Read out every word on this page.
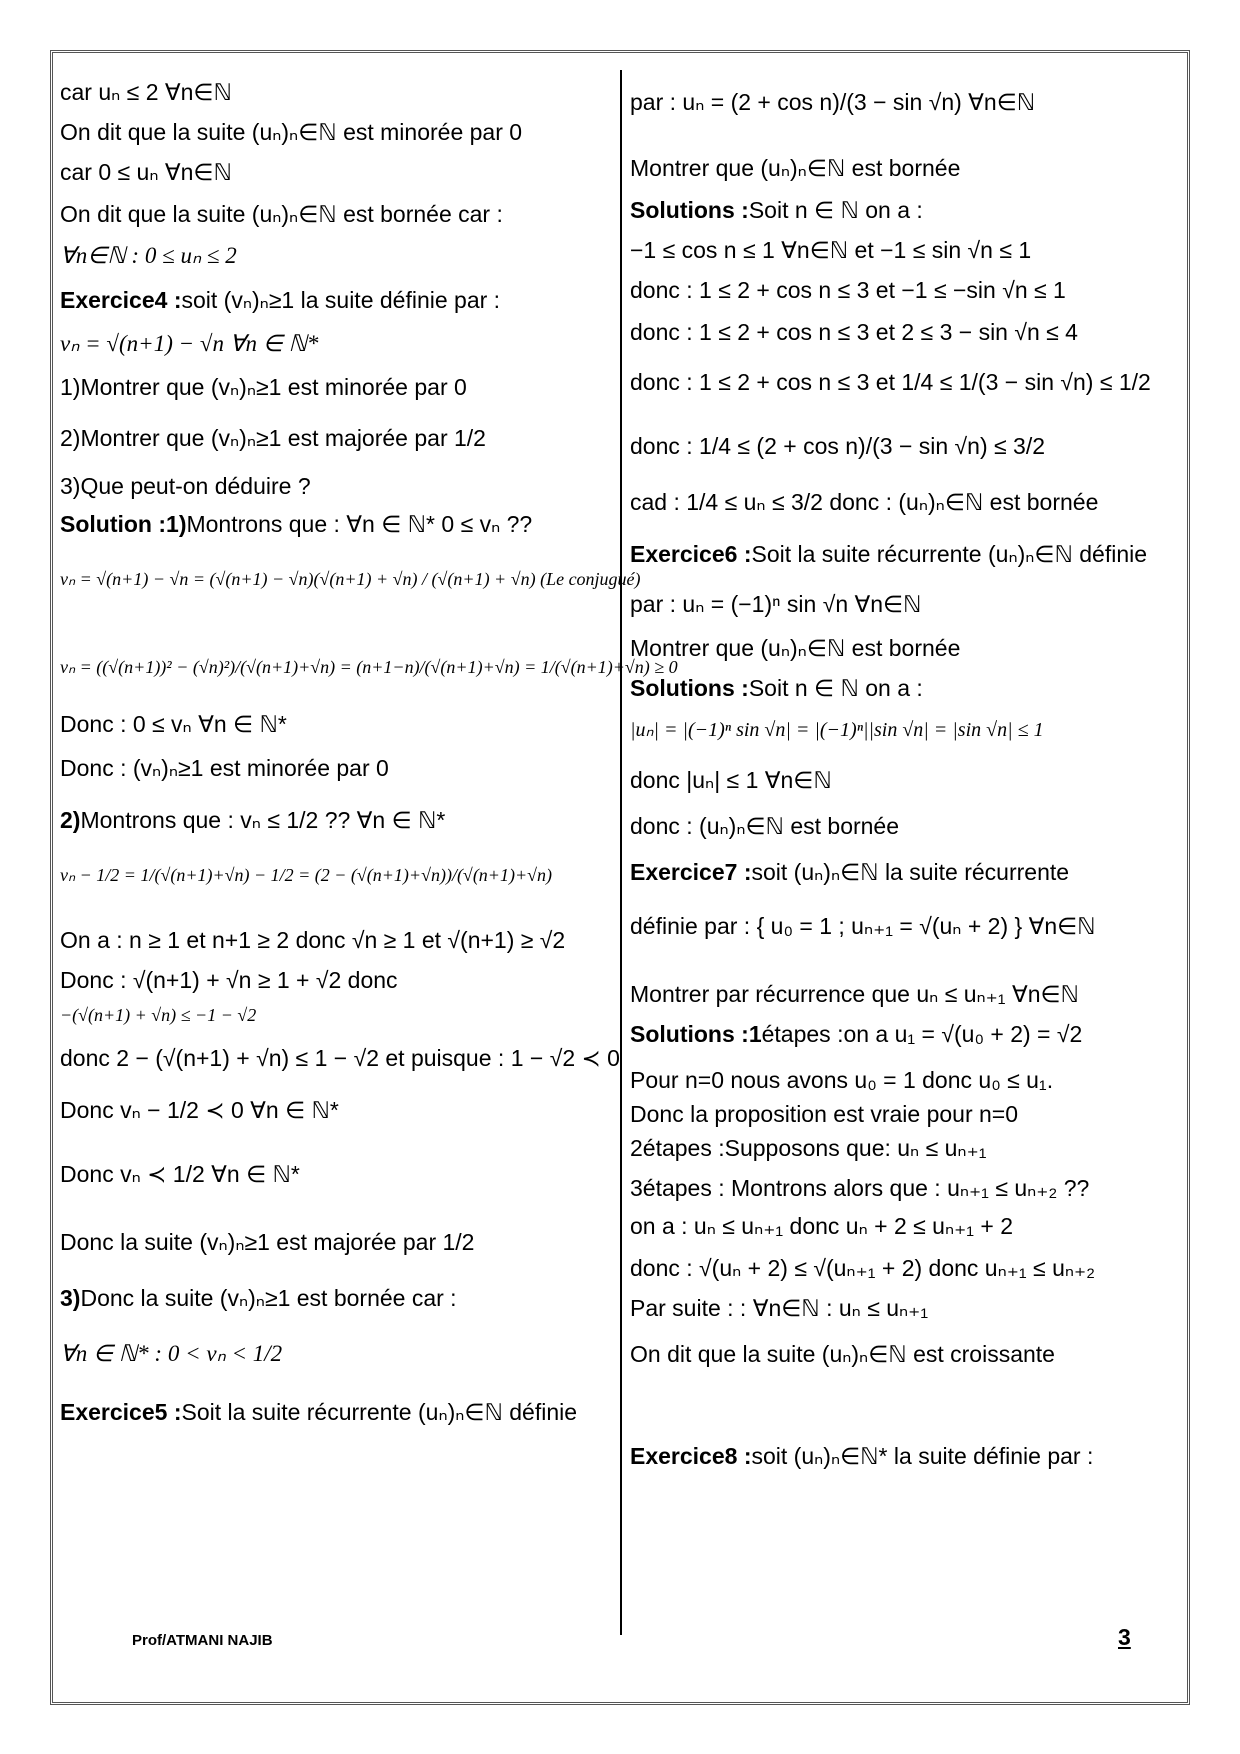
car uₙ ≤ 2 ∀n∈ℕ
On dit que la suite (uₙ)ₙ∈ℕ est minorée par 0
car 0 ≤ uₙ ∀n∈ℕ
On dit que la suite (uₙ)ₙ∈ℕ est bornée car :
∀n∈ℕ : 0 ≤ uₙ ≤ 2
Exercice4 :soit (vₙ)ₙ≥1 la suite définie par :
vₙ = √(n+1) − √n ∀n ∈ ℕ*
1)Montrer que (vₙ)ₙ≥1 est minorée par 0
2)Montrer que (vₙ)ₙ≥1 est majorée par 1/2
3)Que peut-on déduire ?
Solution :1)Montrons que : ∀n ∈ ℕ* 0 ≤ vₙ ??
vₙ = √(n+1) − √n = (√(n+1) − √n)(√(n+1) + √n) / (√(n+1) + √n) (Le conjugué)
vₙ = ((√(n+1))² − (√n)²)/(√(n+1)+√n) = (n+1−n)/(√(n+1)+√n) = 1/(√(n+1)+√n) ≥ 0
Donc : 0 ≤ vₙ ∀n ∈ ℕ*
Donc : (vₙ)ₙ≥1 est minorée par 0
2)Montrons que : vₙ ≤ 1/2 ?? ∀n ∈ ℕ*
vₙ − 1/2 = 1/(√(n+1)+√n) − 1/2 = (2 − (√(n+1)+√n))/(√(n+1)+√n)
On a : n ≥ 1 et n+1 ≥ 2 donc √n ≥ 1 et √(n+1) ≥ √2
Donc : √(n+1) + √n ≥ 1 + √2 donc
−(√(n+1) + √n) ≤ −1 − √2
donc 2 − (√(n+1) + √n) ≤ 1 − √2 et puisque : 1 − √2 ≺ 0
Donc vₙ − 1/2 ≺ 0 ∀n ∈ ℕ*
Donc vₙ ≺ 1/2 ∀n ∈ ℕ*
Donc la suite (vₙ)ₙ≥1 est majorée par 1/2
3)Donc la suite (vₙ)ₙ≥1 est bornée car :
∀n ∈ ℕ* : 0 < vₙ < 1/2
Exercice5 :Soit la suite récurrente (uₙ)ₙ∈ℕ définie
par : uₙ = (2 + cos n)/(3 − sin √n) ∀n∈ℕ
Montrer que (uₙ)ₙ∈ℕ est bornée
Solutions :Soit n ∈ ℕ on a :
−1 ≤ cos n ≤ 1 ∀n∈ℕ et −1 ≤ sin √n ≤ 1
donc : 1 ≤ 2 + cos n ≤ 3 et −1 ≤ −sin √n ≤ 1
donc : 1 ≤ 2 + cos n ≤ 3 et 2 ≤ 3 − sin √n ≤ 4
donc : 1 ≤ 2 + cos n ≤ 3 et 1/4 ≤ 1/(3 − sin √n) ≤ 1/2
donc : 1/4 ≤ (2 + cos n)/(3 − sin √n) ≤ 3/2
cad : 1/4 ≤ uₙ ≤ 3/2 donc : (uₙ)ₙ∈ℕ est bornée
Exercice6 :Soit la suite récurrente (uₙ)ₙ∈ℕ définie
par : uₙ = (−1)ⁿ sin √n ∀n∈ℕ
Montrer que (uₙ)ₙ∈ℕ est bornée
Solutions :Soit n ∈ ℕ on a :
|uₙ| = |(−1)ⁿ sin √n| = |(−1)ⁿ||sin √n| = |sin √n| ≤ 1
donc |uₙ| ≤ 1 ∀n∈ℕ
donc : (uₙ)ₙ∈ℕ est bornée
Exercice7 :soit (uₙ)ₙ∈ℕ la suite récurrente
définie par : { u₀ = 1 ; uₙ₊₁ = √(uₙ + 2) } ∀n∈ℕ
Montrer par récurrence que uₙ ≤ uₙ₊₁ ∀n∈ℕ
Solutions :1étapes :on a u₁ = √(u₀ + 2) = √2
Pour n=0 nous avons u₀ = 1 donc u₀ ≤ u₁.
Donc la proposition est vraie pour n=0
2étapes :Supposons que: uₙ ≤ uₙ₊₁
3étapes : Montrons alors que : uₙ₊₁ ≤ uₙ₊₂ ??
on a : uₙ ≤ uₙ₊₁ donc uₙ + 2 ≤ uₙ₊₁ + 2
donc : √(uₙ + 2) ≤ √(uₙ₊₁ + 2) donc uₙ₊₁ ≤ uₙ₊₂
Par suite : : ∀n∈ℕ : uₙ ≤ uₙ₊₁
On dit que la suite (uₙ)ₙ∈ℕ est croissante
Exercice8 :soit (uₙ)ₙ∈ℕ* la suite définie par :
Prof/ATMANI NAJIB	3
